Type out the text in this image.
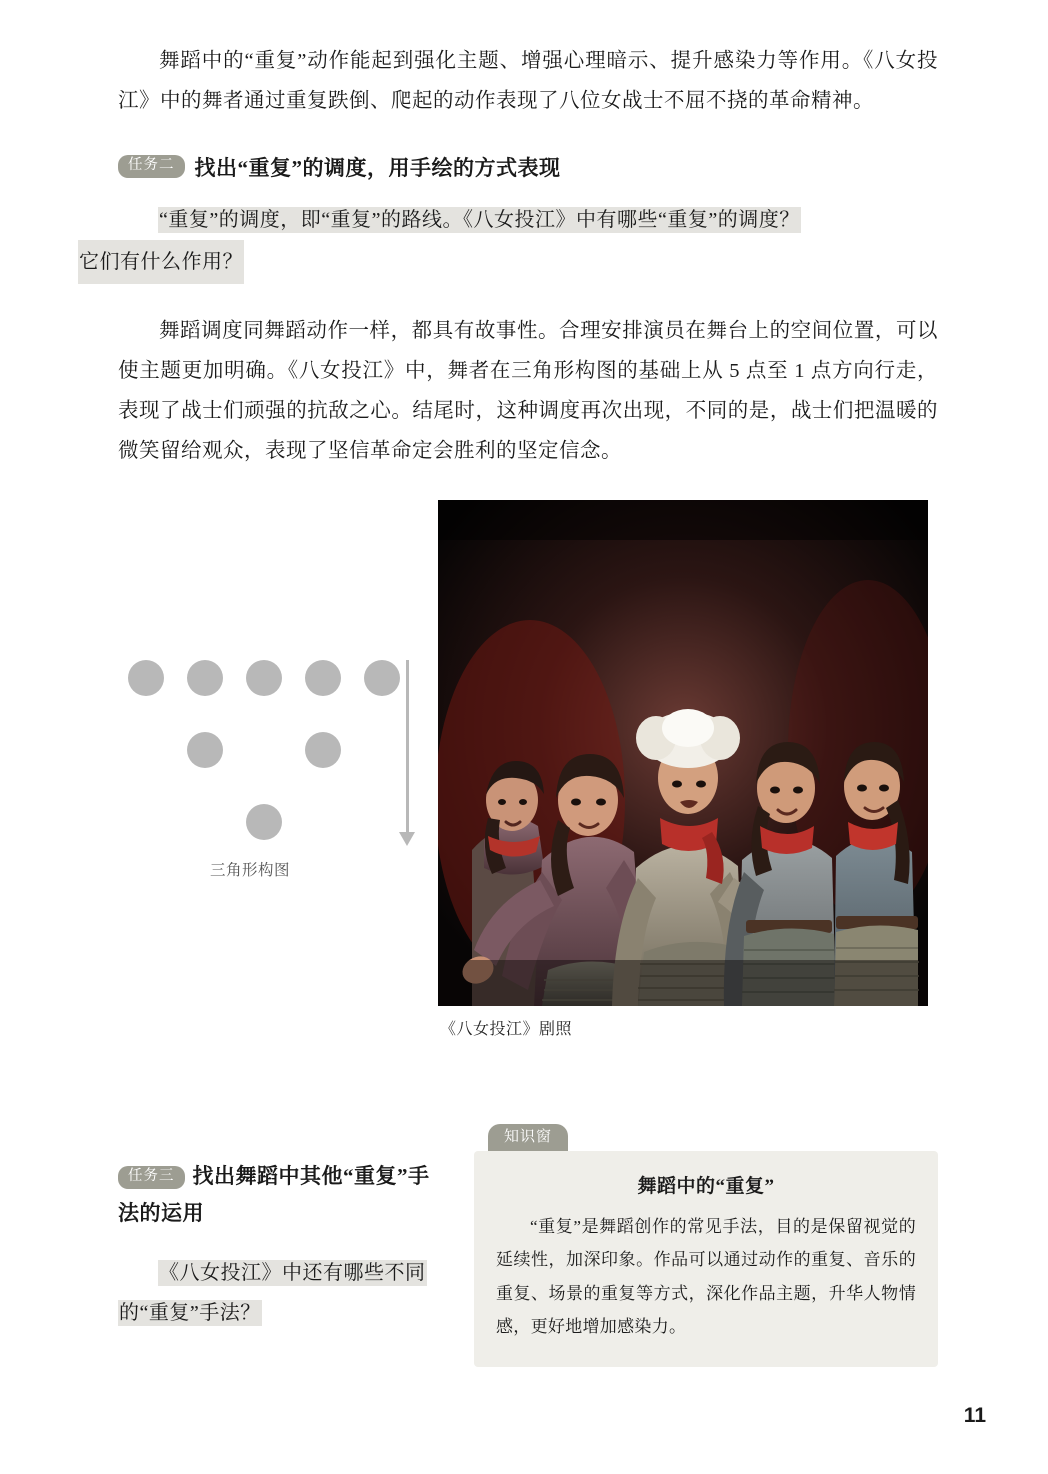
舞蹈中的“重复”动作能起到强化主题、增强心理暗示、提升感染力等作用。《八女投江》中的舞者通过重复跌倒、爬起的动作表现了八位女战士不屈不挠的革命精神。

任务二 找出“重复”的调度，用手绘的方式表现
“重复”的调度，即“重复”的路线。《八女投江》中有哪些“重复”的调度？
它们有什么作用？

舞蹈调度同舞蹈动作一样，都具有故事性。合理安排演员在舞台上的空间位置，可以使主题更加明确。《八女投江》中，舞者在三角形构图的基础上从 5 点至 1 点方向行走，表现了战士们顽强的抗敌之心。结尾时，这种调度再次出现，不同的是，战士们把温暖的微笑留给观众，表现了坚信革命定会胜利的坚定信念。

三角形构图
《八女投江》剧照
任务三 找出舞蹈中其他“重复”手法的运用
《八女投江》中还有哪些不同的“重复”手法？
知识窗
舞蹈中的“重复”
“重复”是舞蹈创作的常见手法，目的是保留视觉的延续性，加深印象。作品可以通过动作的重复、音乐的重复、场景的重复等方式，深化作品主题，升华人物情感，更好地增加感染力。
11
